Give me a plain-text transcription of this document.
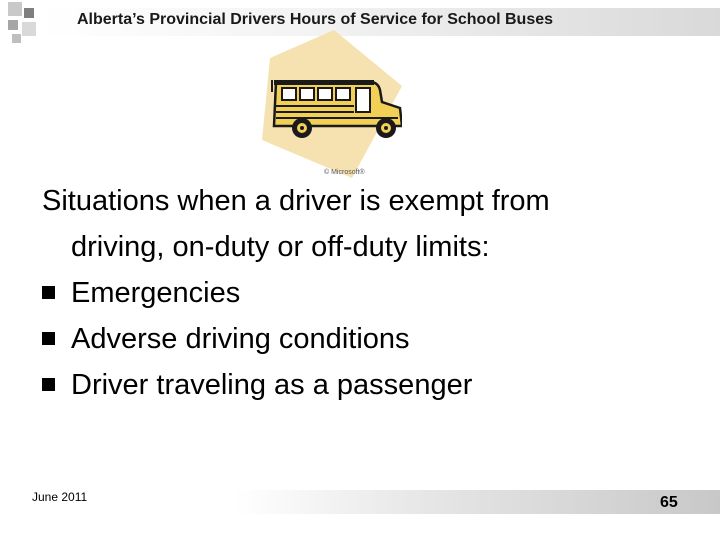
Alberta’s Provincial Drivers Hours of Service for School Buses
© Microsoft®

Situations when a driver is exempt from
driving, on-duty or off-duty limits:

Emergencies
Adverse driving conditions
Driver traveling as a passenger
June 2011	65
